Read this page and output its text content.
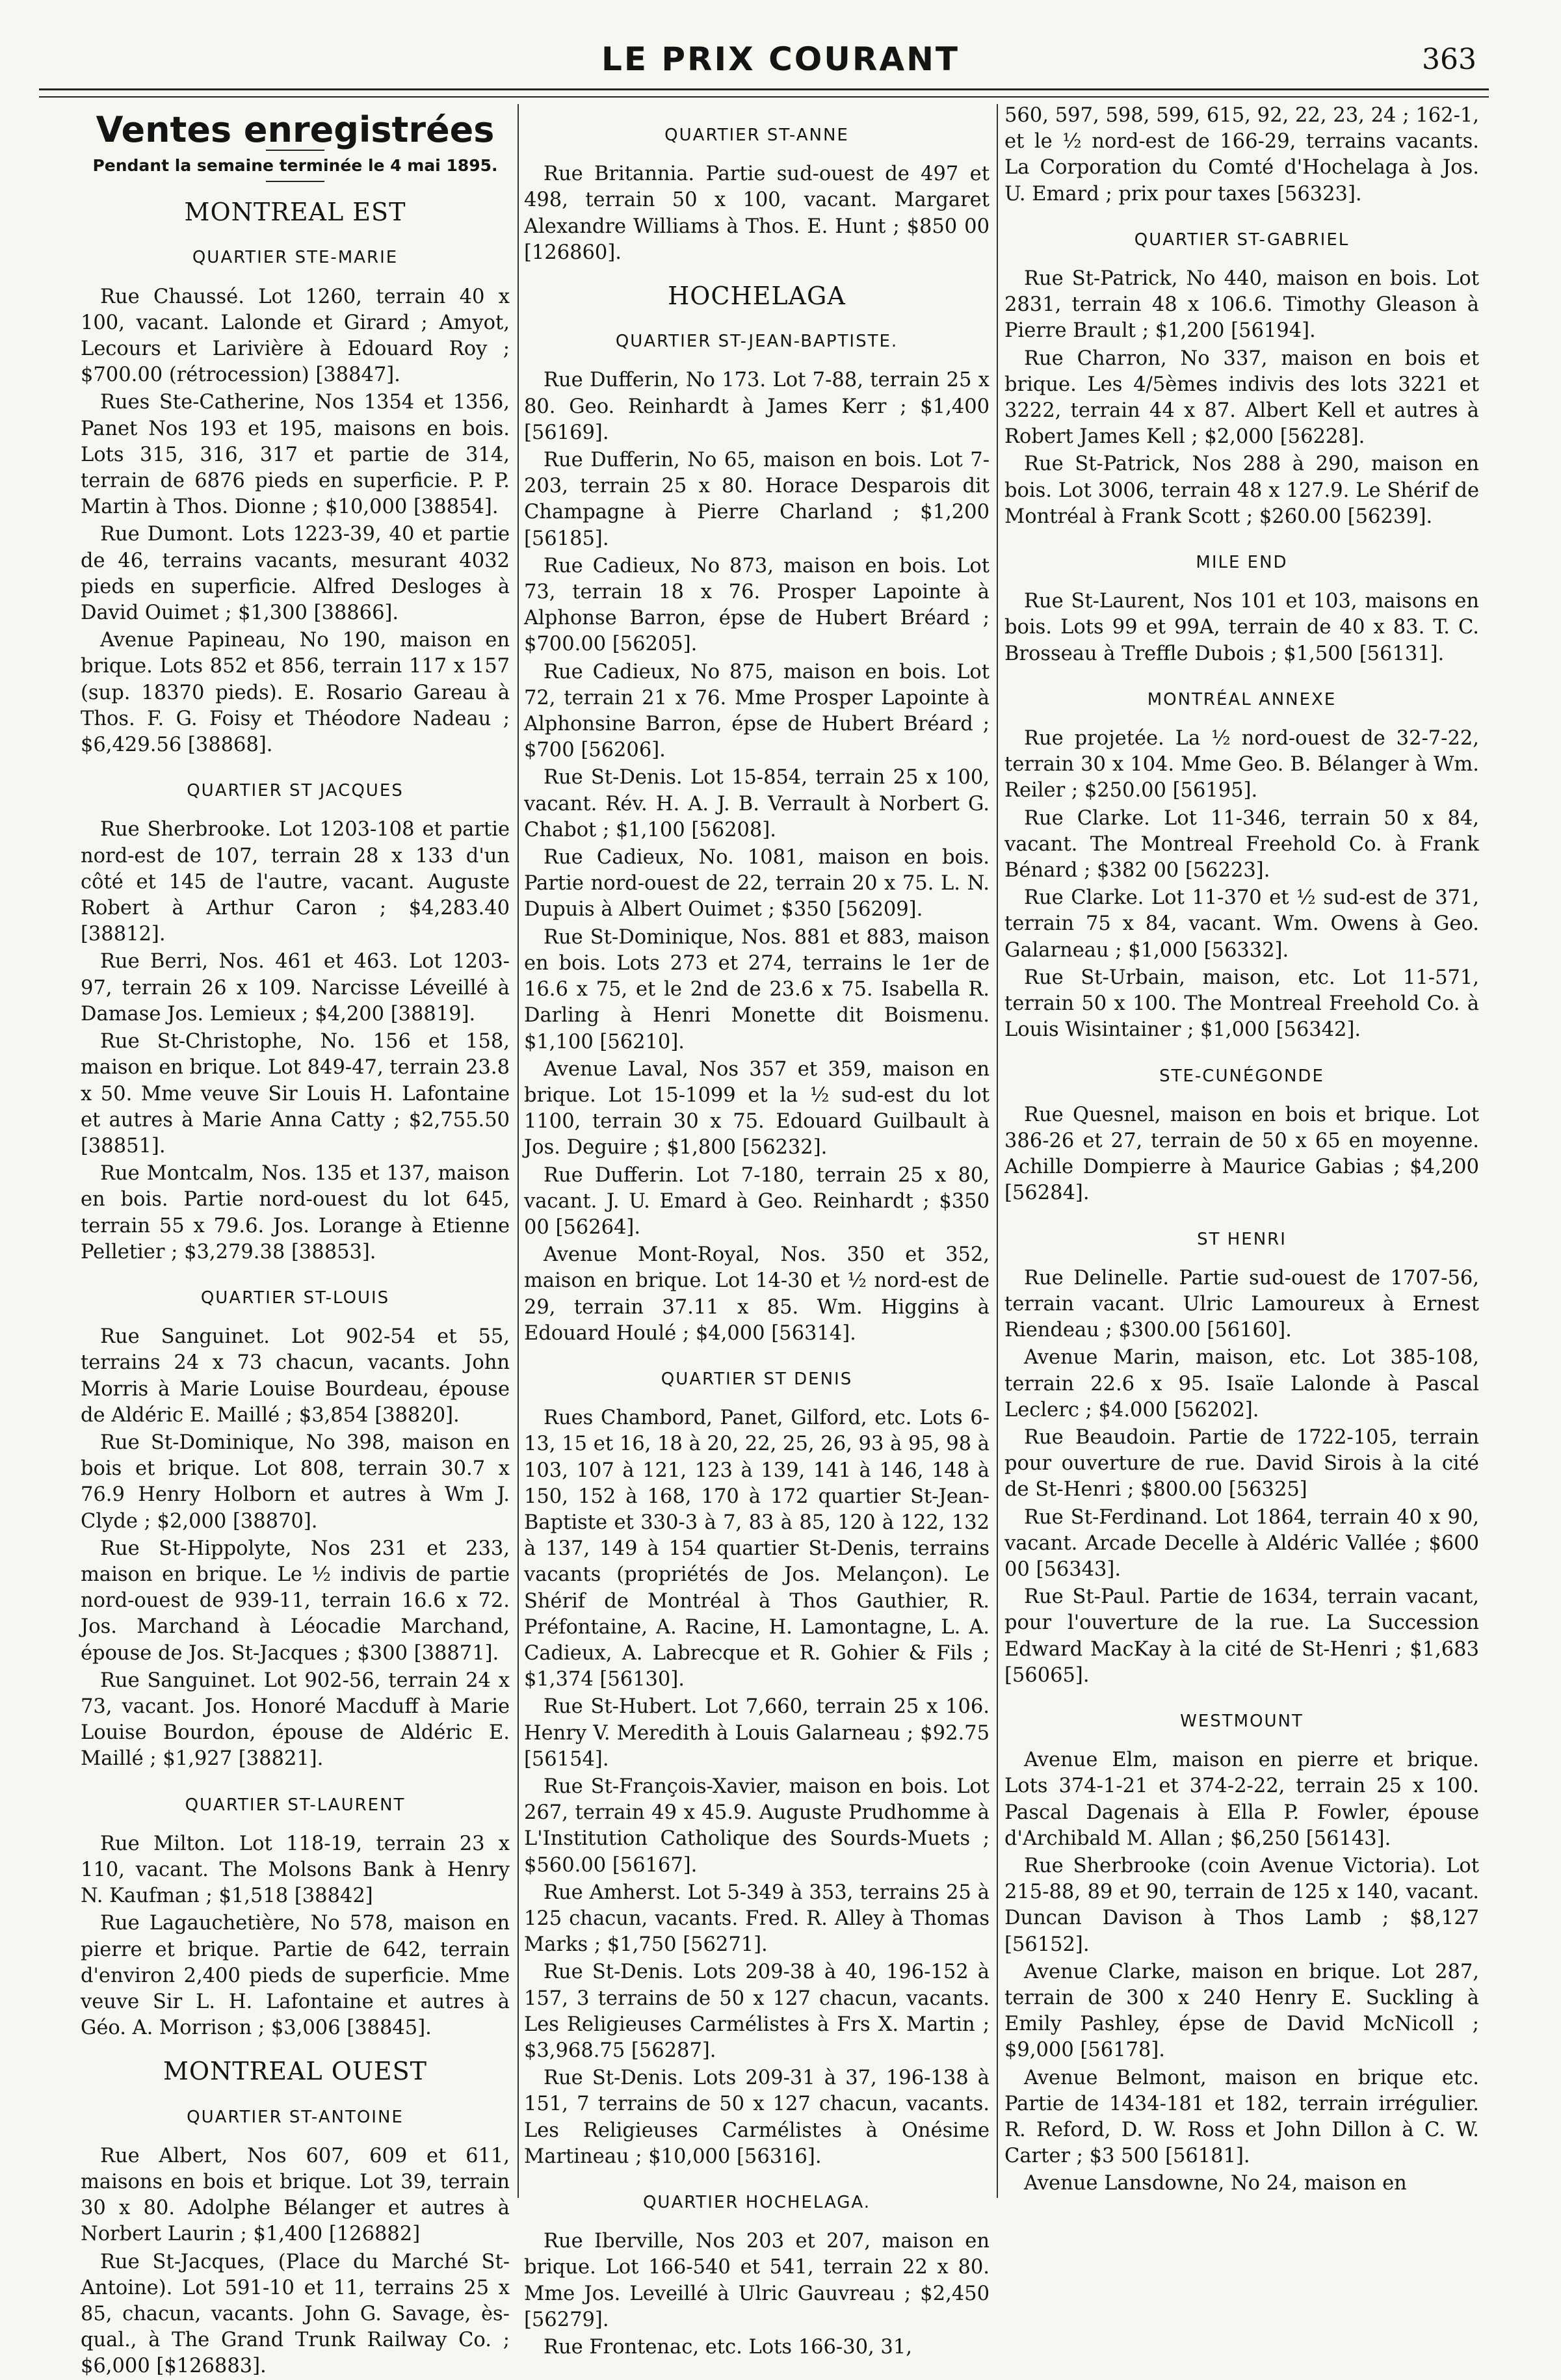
LE PRIX COURANT	363
Ventes enregistrées
Pendant la semaine terminée le 4 mai 1895.
MONTREAL EST
QUARTIER STE-MARIE

Rue Chaussé. Lot 1260, terrain 40 x 100, vacant. Lalonde et Girard ; Amyot, Lecours et Larivière à Edouard Roy ; $700.00 (rétrocession) [38847].

Rues Ste-Catherine, Nos 1354 et 1356, Panet Nos 193 et 195, maisons en bois. Lots 315, 316, 317 et partie de 314, terrain de 6876 pieds en superficie. P. P. Martin à Thos. Dionne ; $10,000 [38854].

Rue Dumont. Lots 1223-39, 40 et partie de 46, terrains vacants, mesurant 4032 pieds en superficie. Alfred Desloges à David Ouimet ; $1,300 [38866].

Avenue Papineau, No 190, maison en brique. Lots 852 et 856, terrain 117 x 157 (sup. 18370 pieds). E. Rosario Gareau à Thos. F. G. Foisy et Théodore Nadeau ; $6,429.56 [38868].

QUARTIER ST JACQUES

Rue Sherbrooke. Lot 1203-108 et partie nord-est de 107, terrain 28 x 133 d'un côté et 145 de l'autre, vacant. Auguste Robert à Arthur Caron ; $4,283.40 [38812].

Rue Berri, Nos. 461 et 463. Lot 1203-97, terrain 26 x 109. Narcisse Léveillé à Damase Jos. Lemieux ; $4,200 [38819].

Rue St-Christophe, No. 156 et 158, maison en brique. Lot 849-47, terrain 23.8 x 50. Mme veuve Sir Louis H. Lafontaine et autres à Marie Anna Catty ; $2,755.50 [38851].

Rue Montcalm, Nos. 135 et 137, maison en bois. Partie nord-ouest du lot 645, terrain 55 x 79.6. Jos. Lorange à Etienne Pelletier ; $3,279.38 [38853].

QUARTIER ST-LOUIS

Rue Sanguinet. Lot 902-54 et 55, terrains 24 x 73 chacun, vacants. John Morris à Marie Louise Bourdeau, épouse de Aldéric E. Maillé ; $3,854 [38820].

Rue St-Dominique, No 398, maison en bois et brique. Lot 808, terrain 30.7 x 76.9 Henry Holborn et autres à Wm J. Clyde ; $2,000 [38870].

Rue St-Hippolyte, Nos 231 et 233, maison en brique. Le ½ indivis de partie nord-ouest de 939-11, terrain 16.6 x 72. Jos. Marchand à Léocadie Marchand, épouse de Jos. St-Jacques ; $300 [38871].

Rue Sanguinet. Lot 902-56, terrain 24 x 73, vacant. Jos. Honoré Macduff à Marie Louise Bourdon, épouse de Aldéric E. Maillé ; $1,927 [38821].

QUARTIER ST-LAURENT

Rue Milton. Lot 118-19, terrain 23 x 110, vacant. The Molsons Bank à Henry N. Kaufman ; $1,518 [38842]

Rue Lagauchetière, No 578, maison en pierre et brique. Partie de 642, terrain d'environ 2,400 pieds de superficie. Mme veuve Sir L. H. Lafontaine et autres à Géo. A. Morrison ; $3,006 [38845].

MONTREAL OUEST
QUARTIER ST-ANTOINE

Rue Albert, Nos 607, 609 et 611, maisons en bois et brique. Lot 39, terrain 30 x 80. Adolphe Bélanger et autres à Norbert Laurin ; $1,400 [126882]

Rue St-Jacques, (Place du Marché St-Antoine). Lot 591-10 et 11, terrains 25 x 85, chacun, vacants. John G. Savage, ès-qual., à The Grand Trunk Railway Co. ; $6,000 [$126883].

QUARTIER ST-ANNE

Rue Britannia. Partie sud-ouest de 497 et 498, terrain 50 x 100, vacant. Margaret Alexandre Williams à Thos. E. Hunt ; $850 00 [126860].

HOCHELAGA
QUARTIER ST-JEAN-BAPTISTE.

Rue Dufferin, No 173. Lot 7-88, terrain 25 x 80. Geo. Reinhardt à James Kerr ; $1,400 [56169].

Rue Dufferin, No 65, maison en bois. Lot 7-203, terrain 25 x 80. Horace Desparois dit Champagne à Pierre Charland ; $1,200 [56185].

Rue Cadieux, No 873, maison en bois. Lot 73, terrain 18 x 76. Prosper Lapointe à Alphonse Barron, épse de Hubert Bréard ; $700.00 [56205].

Rue Cadieux, No 875, maison en bois. Lot 72, terrain 21 x 76. Mme Prosper Lapointe à Alphonsine Barron, épse de Hubert Bréard ; $700 [56206].

Rue St-Denis. Lot 15-854, terrain 25 x 100, vacant. Rév. H. A. J. B. Verrault à Norbert G. Chabot ; $1,100 [56208].

Rue Cadieux, No. 1081, maison en bois. Partie nord-ouest de 22, terrain 20 x 75. L. N. Dupuis à Albert Ouimet ; $350 [56209].

Rue St-Dominique, Nos. 881 et 883, maison en bois. Lots 273 et 274, terrains le 1er de 16.6 x 75, et le 2nd de 23.6 x 75. Isabella R. Darling à Henri Monette dit Boismenu. $1,100 [56210].

Avenue Laval, Nos 357 et 359, maison en brique. Lot 15-1099 et la ½ sud-est du lot 1100, terrain 30 x 75. Edouard Guilbault à Jos. Deguire ; $1,800 [56232].

Rue Dufferin. Lot 7-180, terrain 25 x 80, vacant. J. U. Emard à Geo. Reinhardt ; $350 00 [56264].

Avenue Mont-Royal, Nos. 350 et 352, maison en brique. Lot 14-30 et ½ nord-est de 29, terrain 37.11 x 85. Wm. Higgins à Edouard Houlé ; $4,000 [56314].

QUARTIER ST DENIS

Rues Chambord, Panet, Gilford, etc. Lots 6-13, 15 et 16, 18 à 20, 22, 25, 26, 93 à 95, 98 à 103, 107 à 121, 123 à 139, 141 à 146, 148 à 150, 152 à 168, 170 à 172 quartier St-Jean-Baptiste et 330-3 à 7, 83 à 85, 120 à 122, 132 à 137, 149 à 154 quartier St-Denis, terrains vacants (propriétés de Jos. Melançon). Le Shérif de Montréal à Thos Gauthier, R. Préfontaine, A. Racine, H. Lamontagne, L. A. Cadieux, A. Labrecque et R. Gohier & Fils ; $1,374 [56130].

Rue St-Hubert. Lot 7,660, terrain 25 x 106. Henry V. Meredith à Louis Galarneau ; $92.75 [56154].

Rue St-François-Xavier, maison en bois. Lot 267, terrain 49 x 45.9. Auguste Prudhomme à L'Institution Catholique des Sourds-Muets ; $560.00 [56167].

Rue Amherst. Lot 5-349 à 353, terrains 25 à 125 chacun, vacants. Fred. R. Alley à Thomas Marks ; $1,750 [56271].

Rue St-Denis. Lots 209-38 à 40, 196-152 à 157, 3 terrains de 50 x 127 chacun, vacants. Les Religieuses Carmélistes à Frs X. Martin ; $3,968.75 [56287].

Rue St-Denis. Lots 209-31 à 37, 196-138 à 151, 7 terrains de 50 x 127 chacun, vacants. Les Religieuses Carmélistes à Onésime Martineau ; $10,000 [56316].

QUARTIER HOCHELAGA.

Rue Iberville, Nos 203 et 207, maison en brique. Lot 166-540 et 541, terrain 22 x 80. Mme Jos. Leveillé à Ulric Gauvreau ; $2,450 [56279].

Rue Frontenac, etc. Lots 166-30, 31,

560, 597, 598, 599, 615, 92, 22, 23, 24 ; 162-1, et le ½ nord-est de 166-29, terrains vacants. La Corporation du Comté d'Hochelaga à Jos. U. Emard ; prix pour taxes [56323].

QUARTIER ST-GABRIEL

Rue St-Patrick, No 440, maison en bois. Lot 2831, terrain 48 x 106.6. Timothy Gleason à Pierre Brault ; $1,200 [56194].

Rue Charron, No 337, maison en bois et brique. Les 4/5èmes indivis des lots 3221 et 3222, terrain 44 x 87. Albert Kell et autres à Robert James Kell ; $2,000 [56228].

Rue St-Patrick, Nos 288 à 290, maison en bois. Lot 3006, terrain 48 x 127.9. Le Shérif de Montréal à Frank Scott ; $260.00 [56239].

MILE END

Rue St-Laurent, Nos 101 et 103, maisons en bois. Lots 99 et 99A, terrain de 40 x 83. T. C. Brosseau à Treffle Dubois ; $1,500 [56131].

MONTRÉAL ANNEXE

Rue projetée. La ½ nord-ouest de 32-7-22, terrain 30 x 104. Mme Geo. B. Bélanger à Wm. Reiler ; $250.00 [56195].

Rue Clarke. Lot 11-346, terrain 50 x 84, vacant. The Montreal Freehold Co. à Frank Bénard ; $382 00 [56223].

Rue Clarke. Lot 11-370 et ½ sud-est de 371, terrain 75 x 84, vacant. Wm. Owens à Geo. Galarneau ; $1,000 [56332].

Rue St-Urbain, maison, etc. Lot 11-571, terrain 50 x 100. The Montreal Freehold Co. à Louis Wisintainer ; $1,000 [56342].

STE-CUNÉGONDE

Rue Quesnel, maison en bois et brique. Lot 386-26 et 27, terrain de 50 x 65 en moyenne. Achille Dompierre à Maurice Gabias ; $4,200 [56284].

ST HENRI

Rue Delinelle. Partie sud-ouest de 1707-56, terrain vacant. Ulric Lamoureux à Ernest Riendeau ; $300.00 [56160].

Avenue Marin, maison, etc. Lot 385-108, terrain 22.6 x 95. Isaïe Lalonde à Pascal Leclerc ; $4.000 [56202].

Rue Beaudoin. Partie de 1722-105, terrain pour ouverture de rue. David Sirois à la cité de St-Henri ; $800.00 [56325]

Rue St-Ferdinand. Lot 1864, terrain 40 x 90, vacant. Arcade Decelle à Aldéric Vallée ; $600 00 [56343].

Rue St-Paul. Partie de 1634, terrain vacant, pour l'ouverture de la rue. La Succession Edward MacKay à la cité de St-Henri ; $1,683 [56065].

WESTMOUNT

Avenue Elm, maison en pierre et brique. Lots 374-1-21 et 374-2-22, terrain 25 x 100. Pascal Dagenais à Ella P. Fowler, épouse d'Archibald M. Allan ; $6,250 [56143].

Rue Sherbrooke (coin Avenue Victoria). Lot 215-88, 89 et 90, terrain de 125 x 140, vacant. Duncan Davison à Thos Lamb ; $8,127 [56152].

Avenue Clarke, maison en brique. Lot 287, terrain de 300 x 240 Henry E. Suckling à Emily Pashley, épse de David McNicoll ; $9,000 [56178].

Avenue Belmont, maison en brique etc. Partie de 1434-181 et 182, terrain irrégulier. R. Reford, D. W. Ross et John Dillon à C. W. Carter ; $3 500 [56181].

Avenue Lansdowne, No 24, maison en
